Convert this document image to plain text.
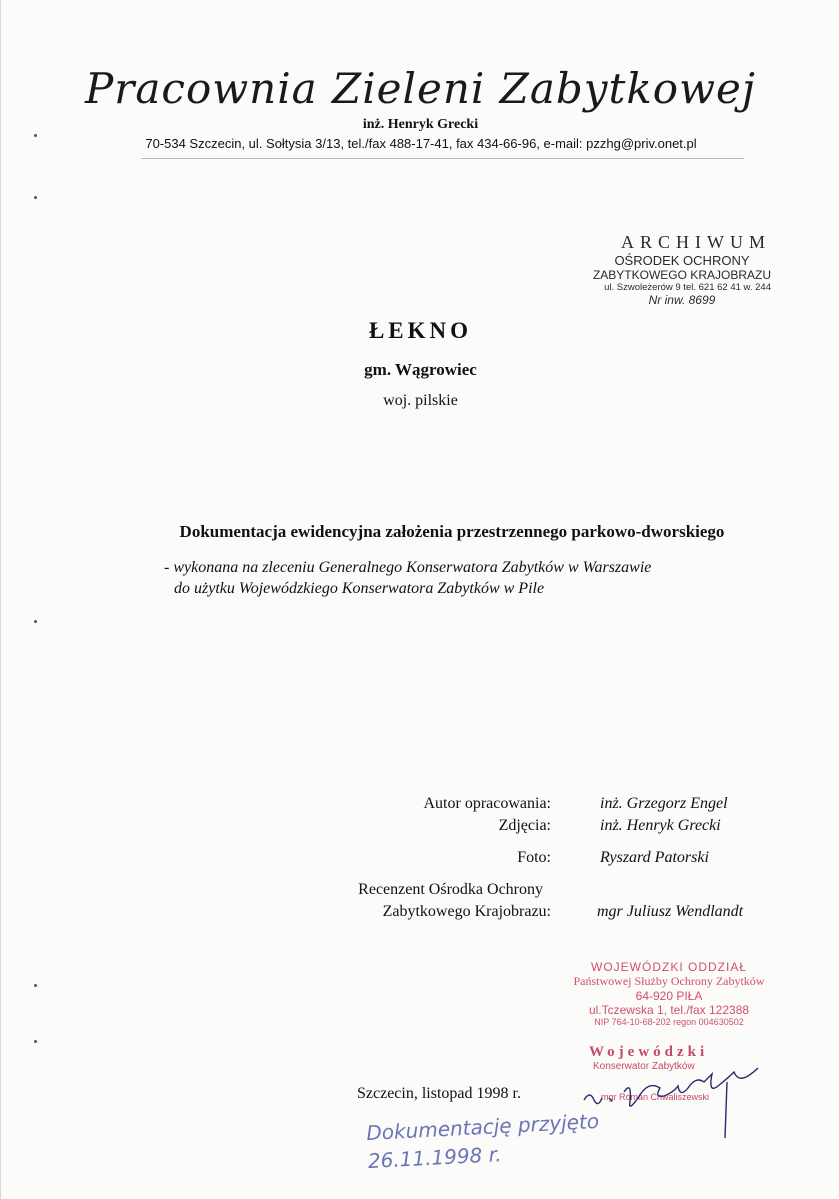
Pracownia Zieleni Zabytkowej
inż. Henryk Grecki
70-534 Szczecin, ul. Sołtysia 3/13, tel./fax 488-17-41, fax 434-66-96, e-mail: pzzhg@priv.onet.pl
ARCHIWUM
OŚRODEK OCHRONY
ZABYTKOWEGO KRAJOBRAZU
ul. Szwoleżerów 9 tel. 621 62 41 w. 244
Nr inw. 8699
ŁEKNO
gm. Wągrowiec
woj. pilskie
Dokumentacja ewidencyjna założenia przestrzennego parkowo-dworskiego
- wykonana na zleceniu Generalnego Konserwatora Zabytków w Warszawie
do użytku Wojewódzkiego Konserwatora Zabytków w Pile
Autor opracowania:	inż. Grzegorz Engel
Zdjęcia:	inż. Henryk Grecki
Foto:	Ryszard Patorski
Recenzent Ośrodka Ochrony
Zabytkowego Krajobrazu:	mgr Juliusz Wendlandt
WOJEWÓDZKI ODDZIAŁ
Państwowej Służby Ochrony Zabytków
64-920 PIŁA
ul.Tczewska 1, tel./fax 122388
NIP 764-10-68-202 regon 004630502
Wojewódzki
Konserwator Zabytków
mgr Roman Chwaliszewski
Szczecin, listopad 1998 r.
Dokumentację przyjęto
26.11.1998 r.
